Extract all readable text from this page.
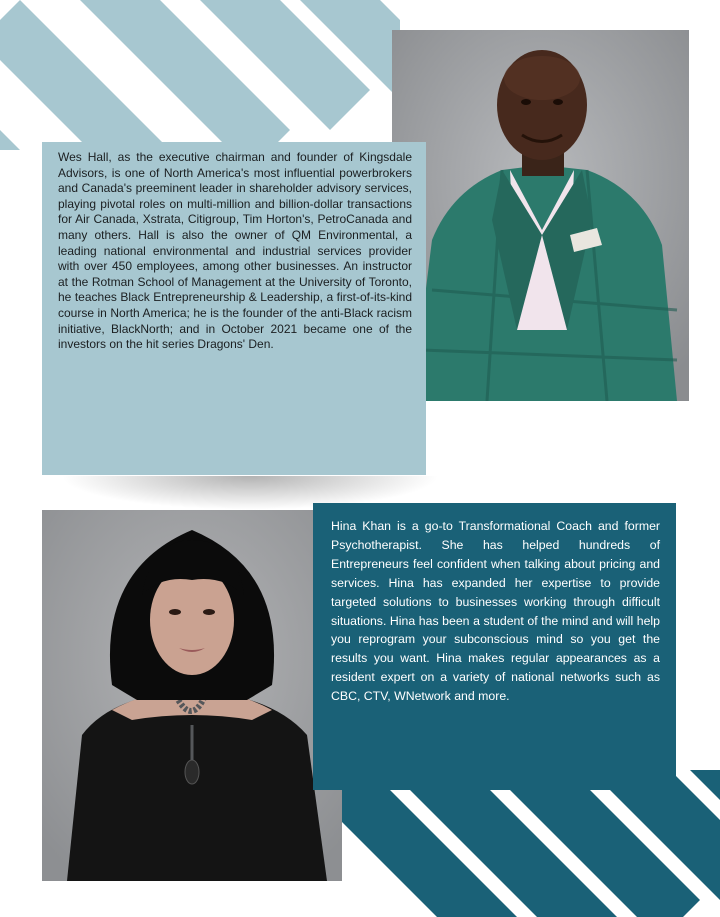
Wes Hall, as the executive chairman and founder of Kingsdale Advisors, is one of North America's most influential powerbrokers and Canada's preeminent leader in shareholder advisory services, playing pivotal roles on multi-million and billion-dollar transactions for Air Canada, Xstrata, Citigroup, Tim Horton's, PetroCanada and many others. Hall is also the owner of QM Environmental, a leading national environmental and industrial services provider with over 450 employees, among other businesses. An instructor at the Rotman School of Management at the University of Toronto, he teaches Black Entrepreneurship & Leadership, a first-of-its-kind course in North America; he is the founder of the anti-Black racism initiative, BlackNorth; and in October 2021 became one of the investors on the hit series Dragons' Den.
Hina Khan is a go-to Transformational Coach and former Psychotherapist. She has helped hundreds of Entrepreneurs feel confident when talking about pricing and services. Hina has expanded her expertise to provide targeted solutions to businesses working through difficult situations. Hina has been a student of the mind and will help you reprogram your subconscious mind so you get the results you want. Hina makes regular appearances as a resident expert on a variety of national networks such as CBC, CTV, WNetwork and more.
